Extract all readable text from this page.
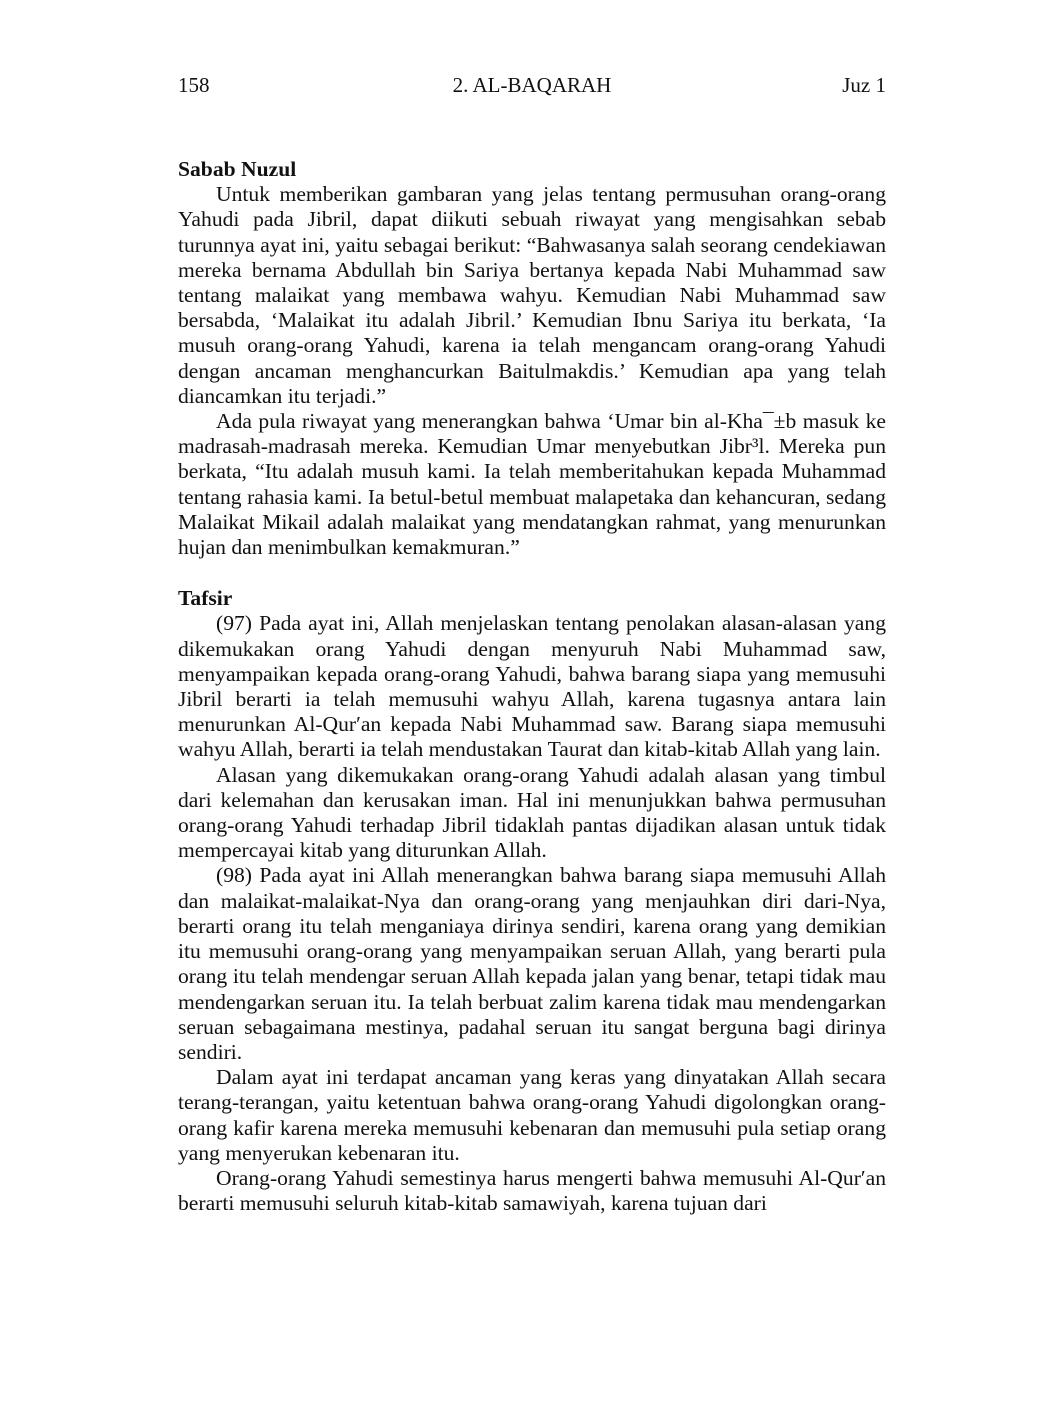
158	2. AL-BAQARAH	Juz 1
Sabab Nuzul

Untuk memberikan gambaran yang jelas tentang permusuhan orang-orang Yahudi pada Jibril, dapat diikuti sebuah riwayat yang mengisahkan sebab turunnya ayat ini, yaitu sebagai berikut: “Bahwasanya salah seorang cendekiawan mereka bernama Abdullah bin Sariya bertanya kepada Nabi Muhammad saw tentang malaikat yang membawa wahyu. Kemudian Nabi Muhammad saw bersabda, ‘Malaikat itu adalah Jibril.’ Kemudian Ibnu Sariya itu berkata, ‘Ia musuh orang-orang Yahudi, karena ia telah mengancam orang-orang Yahudi dengan ancaman menghancurkan Baitulmakdis.’ Kemudian apa yang telah diancamkan itu terjadi.”

Ada pula riwayat yang menerangkan bahwa ‘Umar bin al-Kha¯±b masuk ke madrasah-madrasah mereka. Kemudian Umar menyebutkan Jibr³l. Mereka pun berkata, “Itu adalah musuh kami. Ia telah memberitahukan kepada Muhammad tentang rahasia kami. Ia betul-betul membuat malapetaka dan kehancuran, sedang Malaikat Mikail adalah malaikat yang mendatangkan rahmat, yang menurunkan hujan dan menimbulkan kemakmuran.”

Tafsir

(97) Pada ayat ini, Allah menjelaskan tentang penolakan alasan-alasan yang dikemukakan orang Yahudi dengan menyuruh Nabi Muhammad saw, menyampaikan kepada orang-orang Yahudi, bahwa barang siapa yang memusuhi Jibril berarti ia telah memusuhi wahyu Allah, karena tugasnya antara lain menurunkan Al-Qur′an kepada Nabi Muhammad saw. Barang siapa memusuhi wahyu Allah, berarti ia telah mendustakan Taurat dan kitab-kitab Allah yang lain.

Alasan yang dikemukakan orang-orang Yahudi adalah alasan yang timbul dari kelemahan dan kerusakan iman. Hal ini menunjukkan bahwa permusuhan orang-orang Yahudi terhadap Jibril tidaklah pantas dijadikan alasan untuk tidak mempercayai kitab yang diturunkan Allah.

(98) Pada ayat ini Allah menerangkan bahwa barang siapa memusuhi Allah dan malaikat-malaikat-Nya dan orang-orang yang menjauhkan diri dari-Nya, berarti orang itu telah menganiaya dirinya sendiri, karena orang yang demikian itu memusuhi orang-orang yang menyampaikan seruan Allah, yang berarti pula orang itu telah mendengar seruan Allah kepada jalan yang benar, tetapi tidak mau mendengarkan seruan itu. Ia telah berbuat zalim karena tidak mau mendengarkan seruan sebagaimana mestinya, padahal seruan itu sangat berguna bagi dirinya sendiri.

Dalam ayat ini terdapat ancaman yang keras yang dinyatakan Allah secara terang-terangan, yaitu ketentuan bahwa orang-orang Yahudi digolongkan orang-orang kafir karena mereka memusuhi kebenaran dan memusuhi pula setiap orang yang menyerukan kebenaran itu.

Orang-orang Yahudi semestinya harus mengerti bahwa memusuhi Al-Qur′an berarti memusuhi seluruh kitab-kitab samawiyah, karena tujuan dari
